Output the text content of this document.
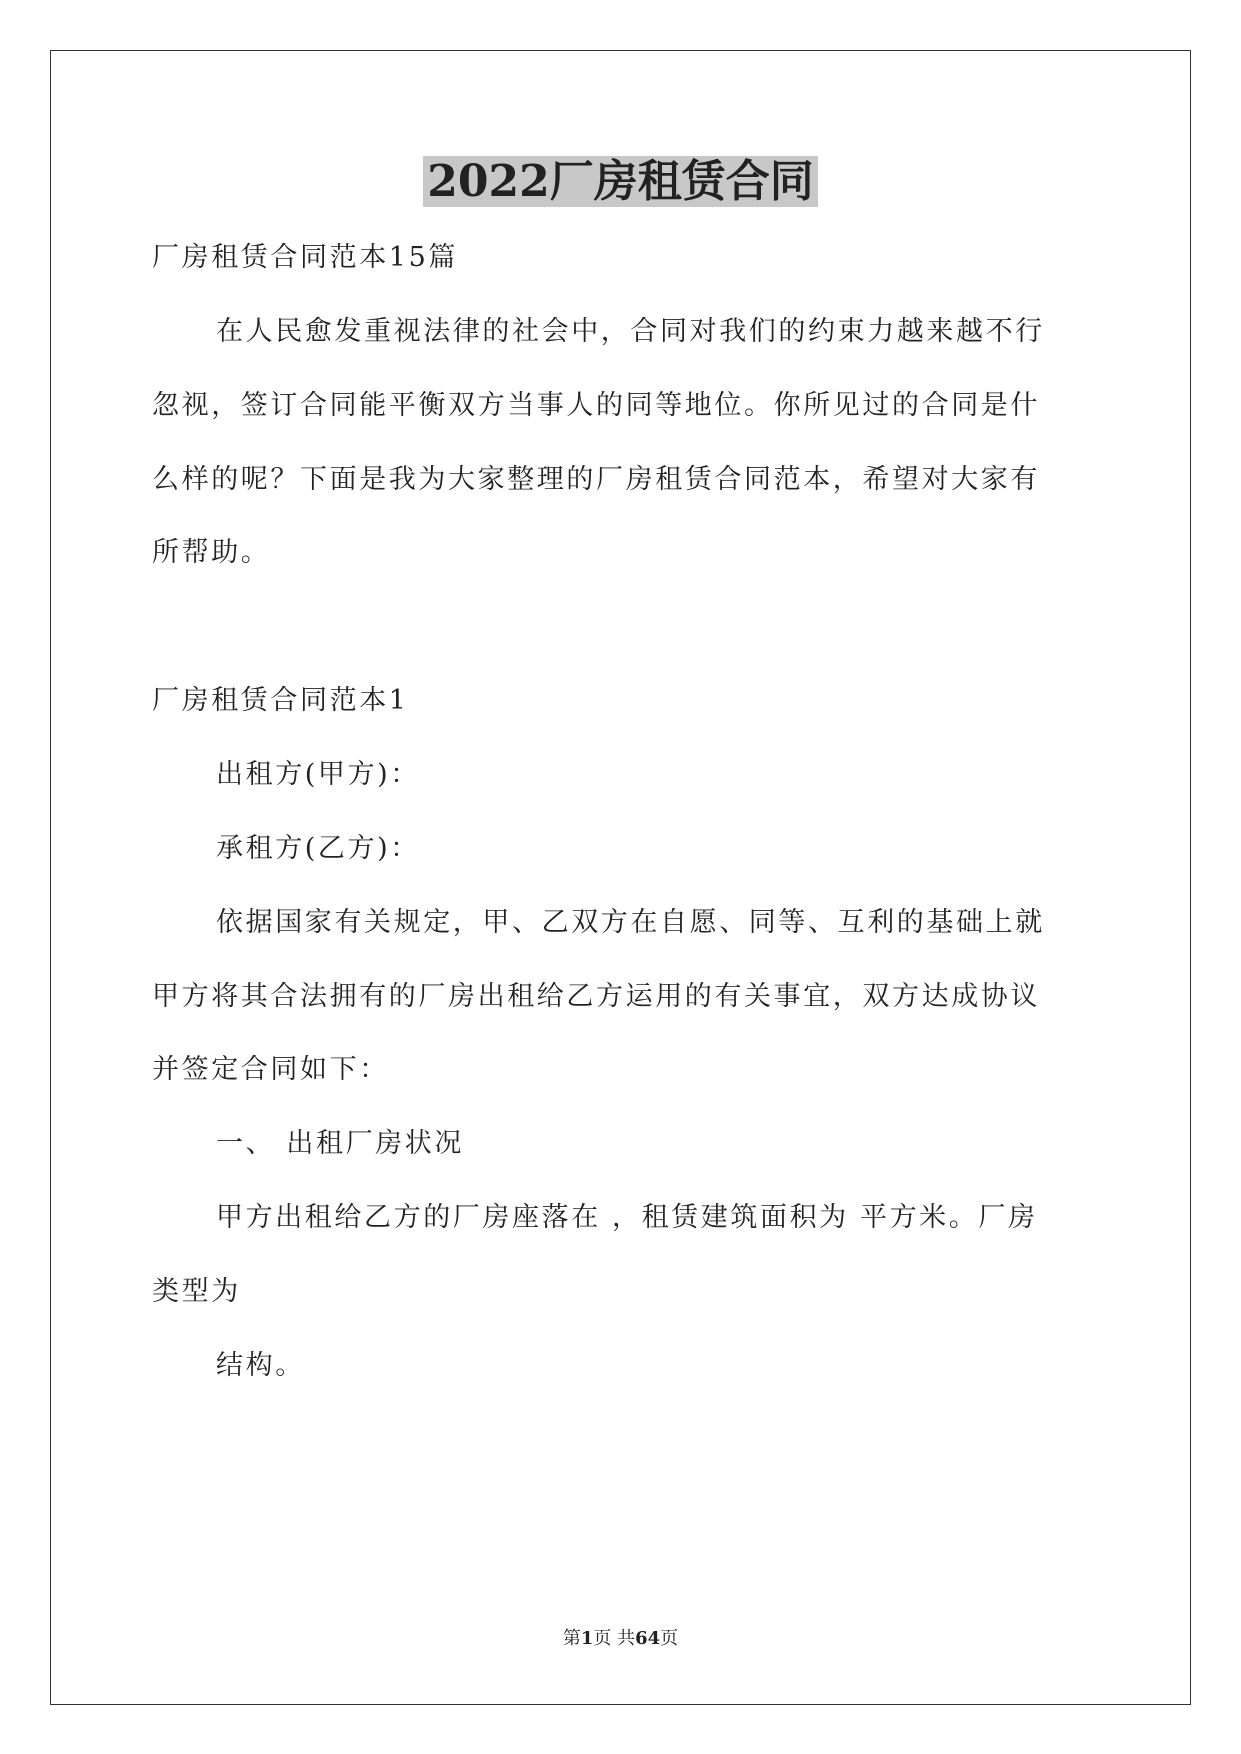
2022厂房租赁合同
厂房租赁合同范本15篇
在人民愈发重视法律的社会中，合同对我们的约束力越来越不行
忽视，签订合同能平衡双方当事人的同等地位。你所见过的合同是什
么样的呢？下面是我为大家整理的厂房租赁合同范本，希望对大家有
所帮助。
厂房租赁合同范本1
出租方(甲方)：
承租方(乙方)：
依据国家有关规定，甲、乙双方在自愿、同等、互利的基础上就
甲方将其合法拥有的厂房出租给乙方运用的有关事宜，双方达成协议
并签定合同如下：
一、 出租厂房状况
甲方出租给乙方的厂房座落在 ，租赁建筑面积为 平方米。厂房
类型为
结构。
第1页 共64页
